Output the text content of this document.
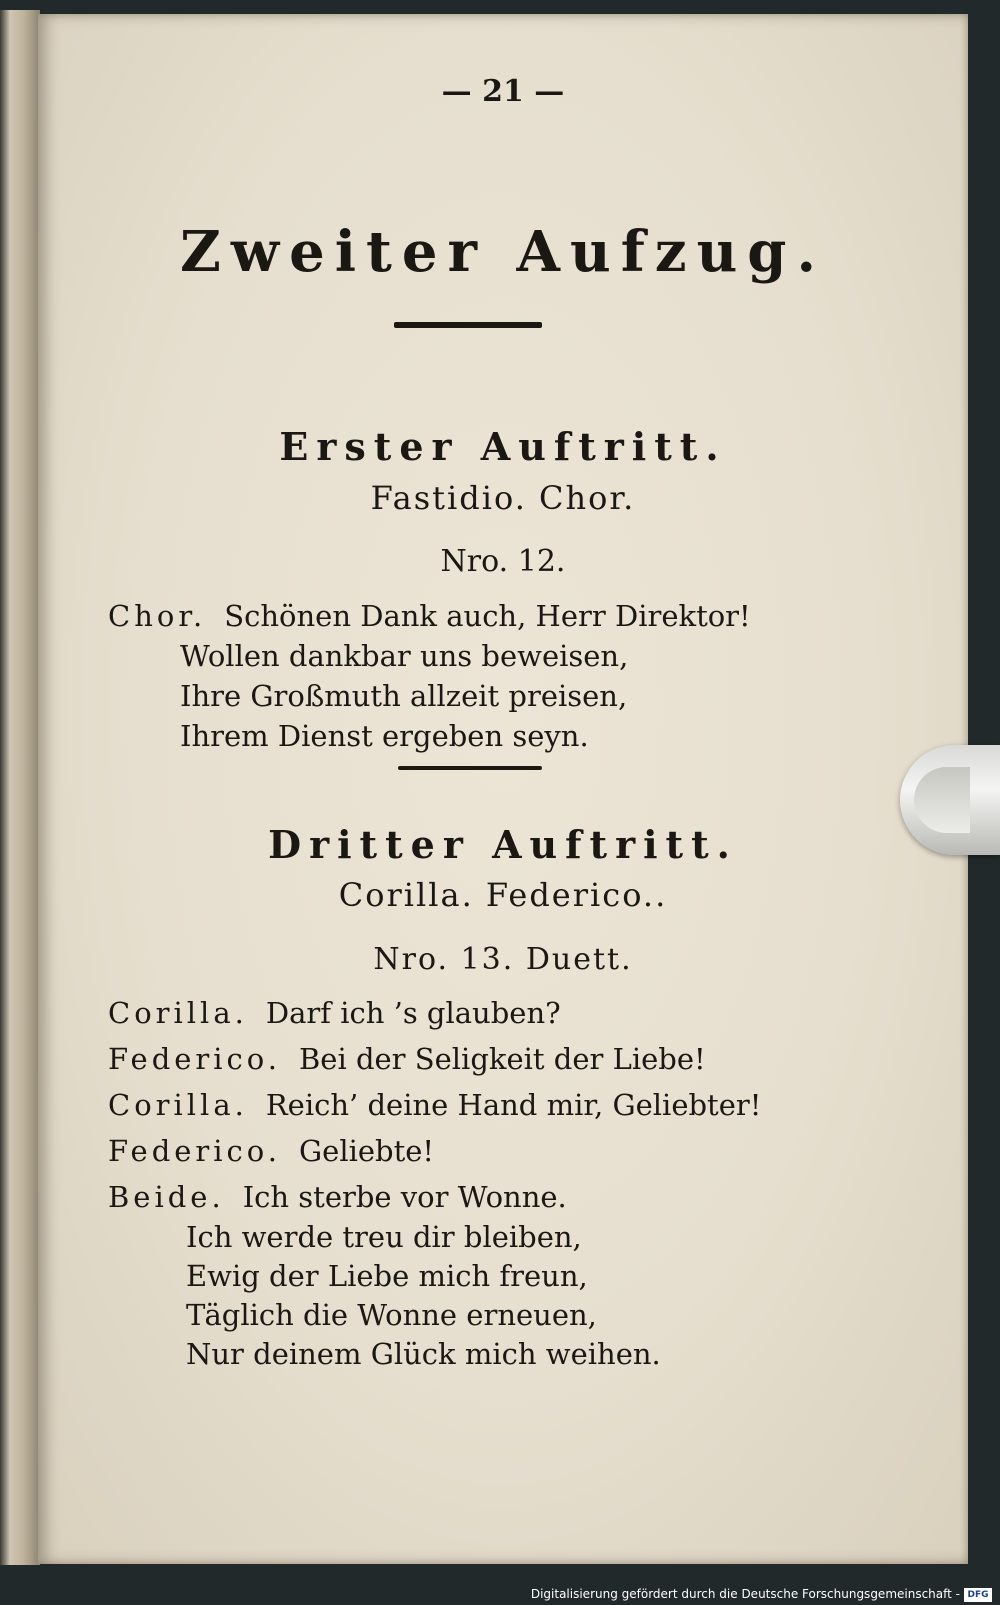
— 21 —
Zweiter Aufzug.
Erster Auftritt.
Fastidio. Chor.
Nro. 12.
Chor. Schönen Dank auch, Herr Direktor!
Wollen dankbar uns beweisen,
Ihre Großmuth allzeit preisen,
Ihrem Dienst ergeben seyn.
Dritter Auftritt.
Corilla. Federico..
Nro. 13. Duett.
Corilla. Darf ich ’s glauben?
Federico. Bei der Seligkeit der Liebe!
Corilla. Reich’ deine Hand mir, Geliebter!
Federico. Geliebte!
Beide. Ich sterbe vor Wonne.
Ich werde treu dir bleiben,
Ewig der Liebe mich freun,
Täglich die Wonne erneuen,
Nur deinem Glück mich weihen.
Digitalisierung gefördert durch die Deutsche Forschungsgemeinschaft - DFG
